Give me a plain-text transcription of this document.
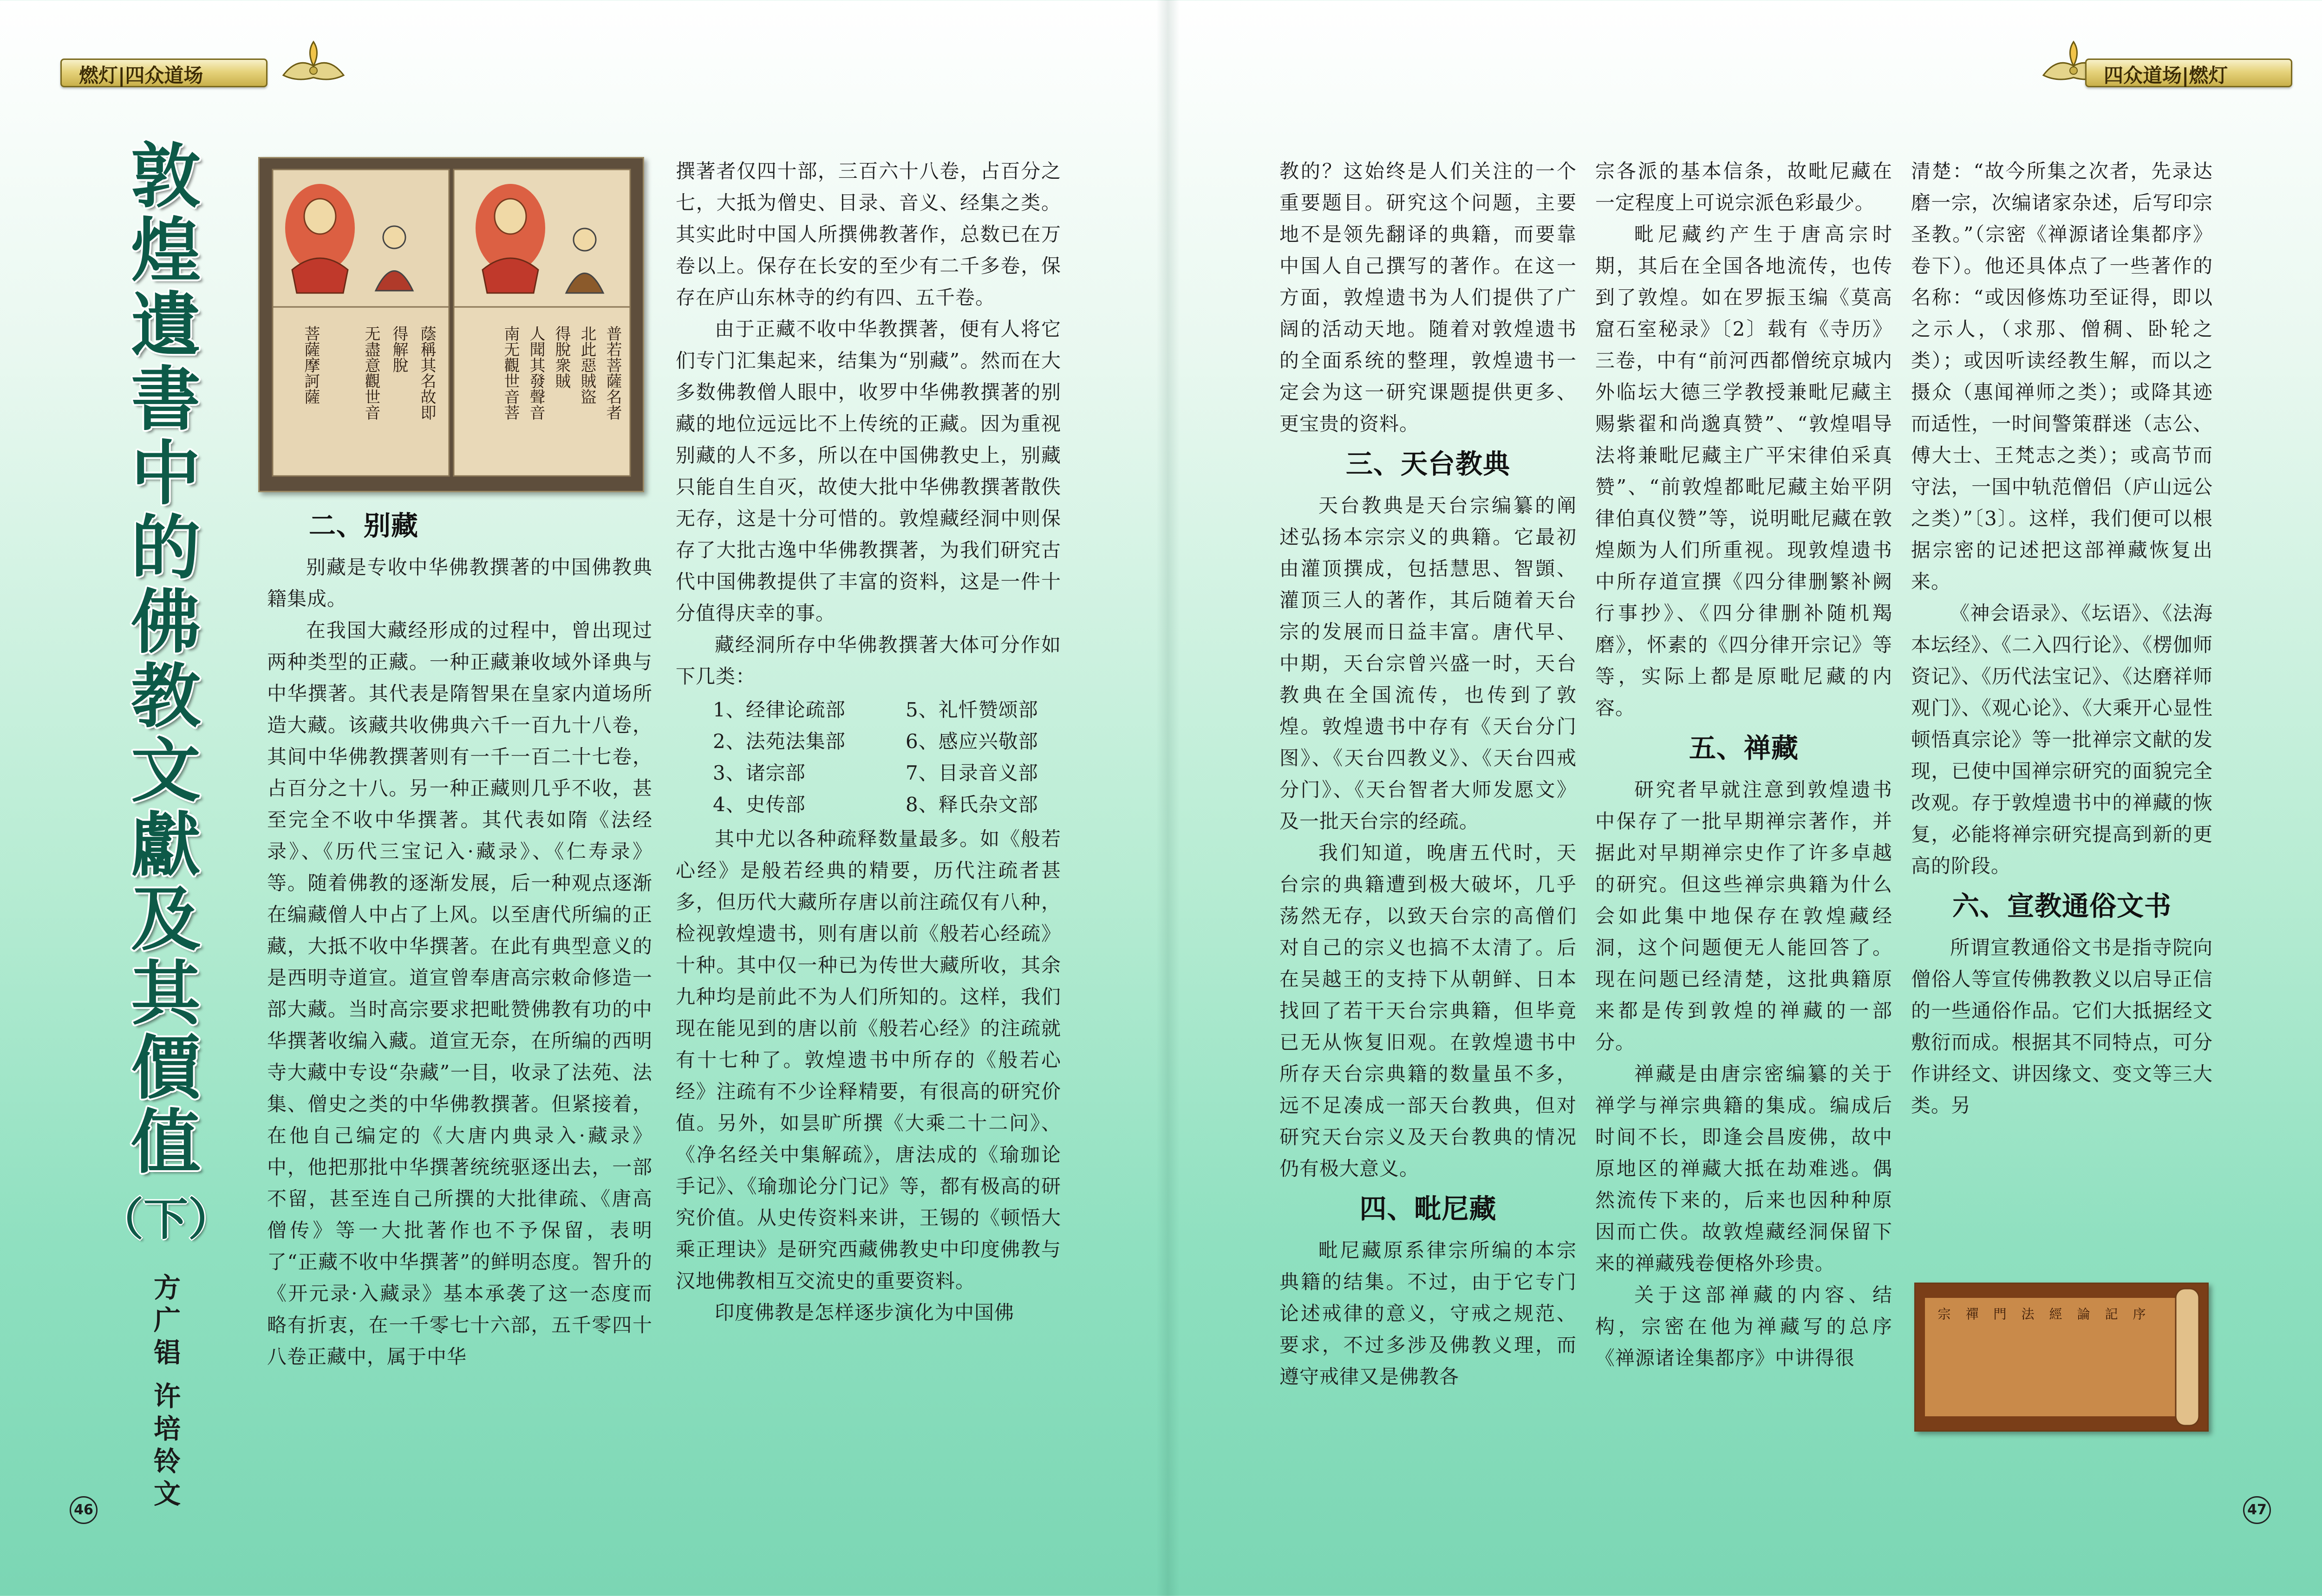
燃灯|四众道场	四众道场|燃灯
敦
煌
遺
書
中
的
佛
教
文
獻
及
其
價
值
（下）
方
广
锠
许
培
铃
文
普若菩薩名者
北此惡賊盜
得脫衆賊
人聞其發聲音
南无觀世音菩
蔭稱其名故即
得解脫
无盡意觀世音
菩薩摩訶薩
二、别藏

别藏是专收中华佛教撰著的中国佛教典籍集成。

在我国大藏经形成的过程中，曾出现过两种类型的正藏。一种正藏兼收域外译典与中华撰著。其代表是隋智果在皇家内道场所造大藏。该藏共收佛典六千一百九十八卷，其间中华佛教撰著则有一千一百二十七卷，占百分之十八。另一种正藏则几乎不收，甚至完全不收中华撰著。其代表如隋《法经录》、《历代三宝记入·藏录》、《仁寿录》等。随着佛教的逐渐发展，后一种观点逐渐在编藏僧人中占了上风。以至唐代所编的正藏，大抵不收中华撰著。在此有典型意义的是西明寺道宣。道宣曾奉唐高宗敕命修造一部大藏。当时高宗要求把毗赞佛教有功的中华撰著收编入藏。道宣无奈，在所编的西明寺大藏中专设“杂藏”一目，收录了法苑、法集、僧史之类的中华佛教撰著。但紧接着，在他自己编定的《大唐内典录入·藏录》中，他把那批中华撰著统统驱逐出去，一部不留，甚至连自己所撰的大批律疏、《唐高僧传》等一大批著作也不予保留，表明了“正藏不收中华撰著”的鲜明态度。智升的《开元录·入藏录》基本承袭了这一态度而略有折衷，在一千零七十六部，五千零四十八卷正藏中，属于中华

撰著者仅四十部，三百六十八卷，占百分之七，大抵为僧史、目录、音义、经集之类。其实此时中国人所撰佛教著作，总数已在万卷以上。保存在长安的至少有二千多卷，保存在庐山东林寺的约有四、五千卷。

由于正藏不收中华教撰著，便有人将它们专门汇集起来，结集为“别藏”。然而在大多数佛教僧人眼中，收罗中华佛教撰著的别藏的地位远远比不上传统的正藏。因为重视别藏的人不多，所以在中国佛教史上，别藏只能自生自灭，故使大批中华佛教撰著散佚无存，这是十分可惜的。敦煌藏经洞中则保存了大批古逸中华佛教撰著，为我们研究古代中国佛教提供了丰富的资料，这是一件十分值得庆幸的事。

藏经洞所存中华佛教撰著大体可分作如下几类：

1、经律论疏部	5、礼忏赞颂部
2、法苑法集部	6、感应兴敬部
3、诸宗部	7、目录音义部
4、史传部	8、释氏杂文部

其中尤以各种疏释数量最多。如《般若心经》是般若经典的精要，历代注疏者甚多，但历代大藏所存唐以前注疏仅有八种，检视敦煌遗书，则有唐以前《般若心经疏》十种。其中仅一种已为传世大藏所收，其余九种均是前此不为人们所知的。这样，我们现在能见到的唐以前《般若心经》的注疏就有十七种了。敦煌遗书中所存的《般若心经》注疏有不少诠释精要，有很高的研究价值。另外，如昙旷所撰《大乘二十二问》、《净名经关中集解疏》，唐法成的《瑜珈论手记》、《瑜珈论分门记》等，都有极高的研究价值。从史传资料来讲，王锡的《顿悟大乘正理诀》是研究西藏佛教史中印度佛教与汉地佛教相互交流史的重要资料。

印度佛教是怎样逐步演化为中国佛

教的？这始终是人们关注的一个重要题目。研究这个问题，主要地不是领先翻译的典籍，而要靠中国人自己撰写的著作。在这一方面，敦煌遗书为人们提供了广阔的活动天地。随着对敦煌遗书的全面系统的整理，敦煌遗书一定会为这一研究课题提供更多、更宝贵的资料。

三、天台教典

天台教典是天台宗编纂的阐述弘扬本宗宗义的典籍。它最初由灌顶撰成，包括慧思、智顗、灌顶三人的著作，其后随着天台宗的发展而日益丰富。唐代早、中期，天台宗曾兴盛一时，天台教典在全国流传，也传到了敦煌。敦煌遗书中存有《天台分门图》、《天台四教义》、《天台四戒分门》、《天台智者大师发愿文》及一批天台宗的经疏。

我们知道，晚唐五代时，天台宗的典籍遭到极大破坏，几乎荡然无存，以致天台宗的高僧们对自己的宗义也搞不太清了。后在吴越王的支持下从朝鲜、日本找回了若干天台宗典籍，但毕竟已无从恢复旧观。在敦煌遗书中所存天台宗典籍的数量虽不多，远不足凑成一部天台教典，但对研究天台宗义及天台教典的情况仍有极大意义。

四、毗尼藏

毗尼藏原系律宗所编的本宗典籍的结集。不过，由于它专门论述戒律的意义，守戒之规范、要求，不过多涉及佛教义理，而遵守戒律又是佛教各

宗各派的基本信条，故毗尼藏在一定程度上可说宗派色彩最少。

毗尼藏约产生于唐高宗时期，其后在全国各地流传，也传到了敦煌。如在罗振玉编《莫高窟石室秘录》〔2〕载有《寺历》三卷，中有“前河西都僧统京城内外临坛大德三学教授兼毗尼藏主赐紫翟和尚邈真赞”、“敦煌唱导法将兼毗尼藏主广平宋律伯采真赞”、“前敦煌都毗尼藏主始平阴律伯真仪赞”等，说明毗尼藏在敦煌颇为人们所重视。现敦煌遗书中所存道宣撰《四分律删繁补阙行事抄》、《四分律删补随机羯磨》，怀素的《四分律开宗记》等等，实际上都是原毗尼藏的内容。

五、禅藏

研究者早就注意到敦煌遗书中保存了一批早期禅宗著作，并据此对早期禅宗史作了许多卓越的研究。但这些禅宗典籍为什么会如此集中地保存在敦煌藏经洞，这个问题便无人能回答了。现在问题已经清楚，这批典籍原来都是传到敦煌的禅藏的一部分。

禅藏是由唐宗密编纂的关于禅学与禅宗典籍的集成。编成后时间不长，即逢会昌废佛，故中原地区的禅藏大抵在劫难逃。偶然流传下来的，后来也因种种原因而亡佚。故敦煌藏经洞保留下来的禅藏残卷便格外珍贵。

关于这部禅藏的内容、结构，宗密在他为禅藏写的总序《禅源诸诠集都序》中讲得很

清楚：“故今所集之次者，先录达磨一宗，次编诸家杂述，后写印宗圣教。”（宗密《禅源诸诠集都序》卷下）。他还具体点了一些著作的名称：“或因修炼功至证得，即以之示人，（求那、僧稠、卧轮之类）；或因听读经教生解，而以之摄众（惠闻禅师之类）；或降其迹而适性，一时间警策群迷（志公、傅大士、王梵志之类）；或高节而守法，一国中轨范僧侣（庐山远公之类）”〔3〕。这样，我们便可以根据宗密的记述把这部禅藏恢复出来。

《神会语录》、《坛语》、《法海本坛经》、《二入四行论》、《楞伽师资记》、《历代法宝记》、《达磨祥师观门》、《观心论》、《大乘开心显性顿悟真宗论》等一批禅宗文献的发现，已使中国禅宗研究的面貌完全改观。存于敦煌遗书中的禅藏的恢复，必能将禅宗研究提高到新的更高的阶段。

六、宣教通俗文书

所谓宣教通俗文书是指寺院向僧俗人等宣传佛教教义以启导正信的一些通俗作品。它们大抵据经文敷衍而成。根据其不同特点，可分作讲经文、讲因缘文、变文等三大类。另

宗 禪 門 法 經 論 記 序
46	47
